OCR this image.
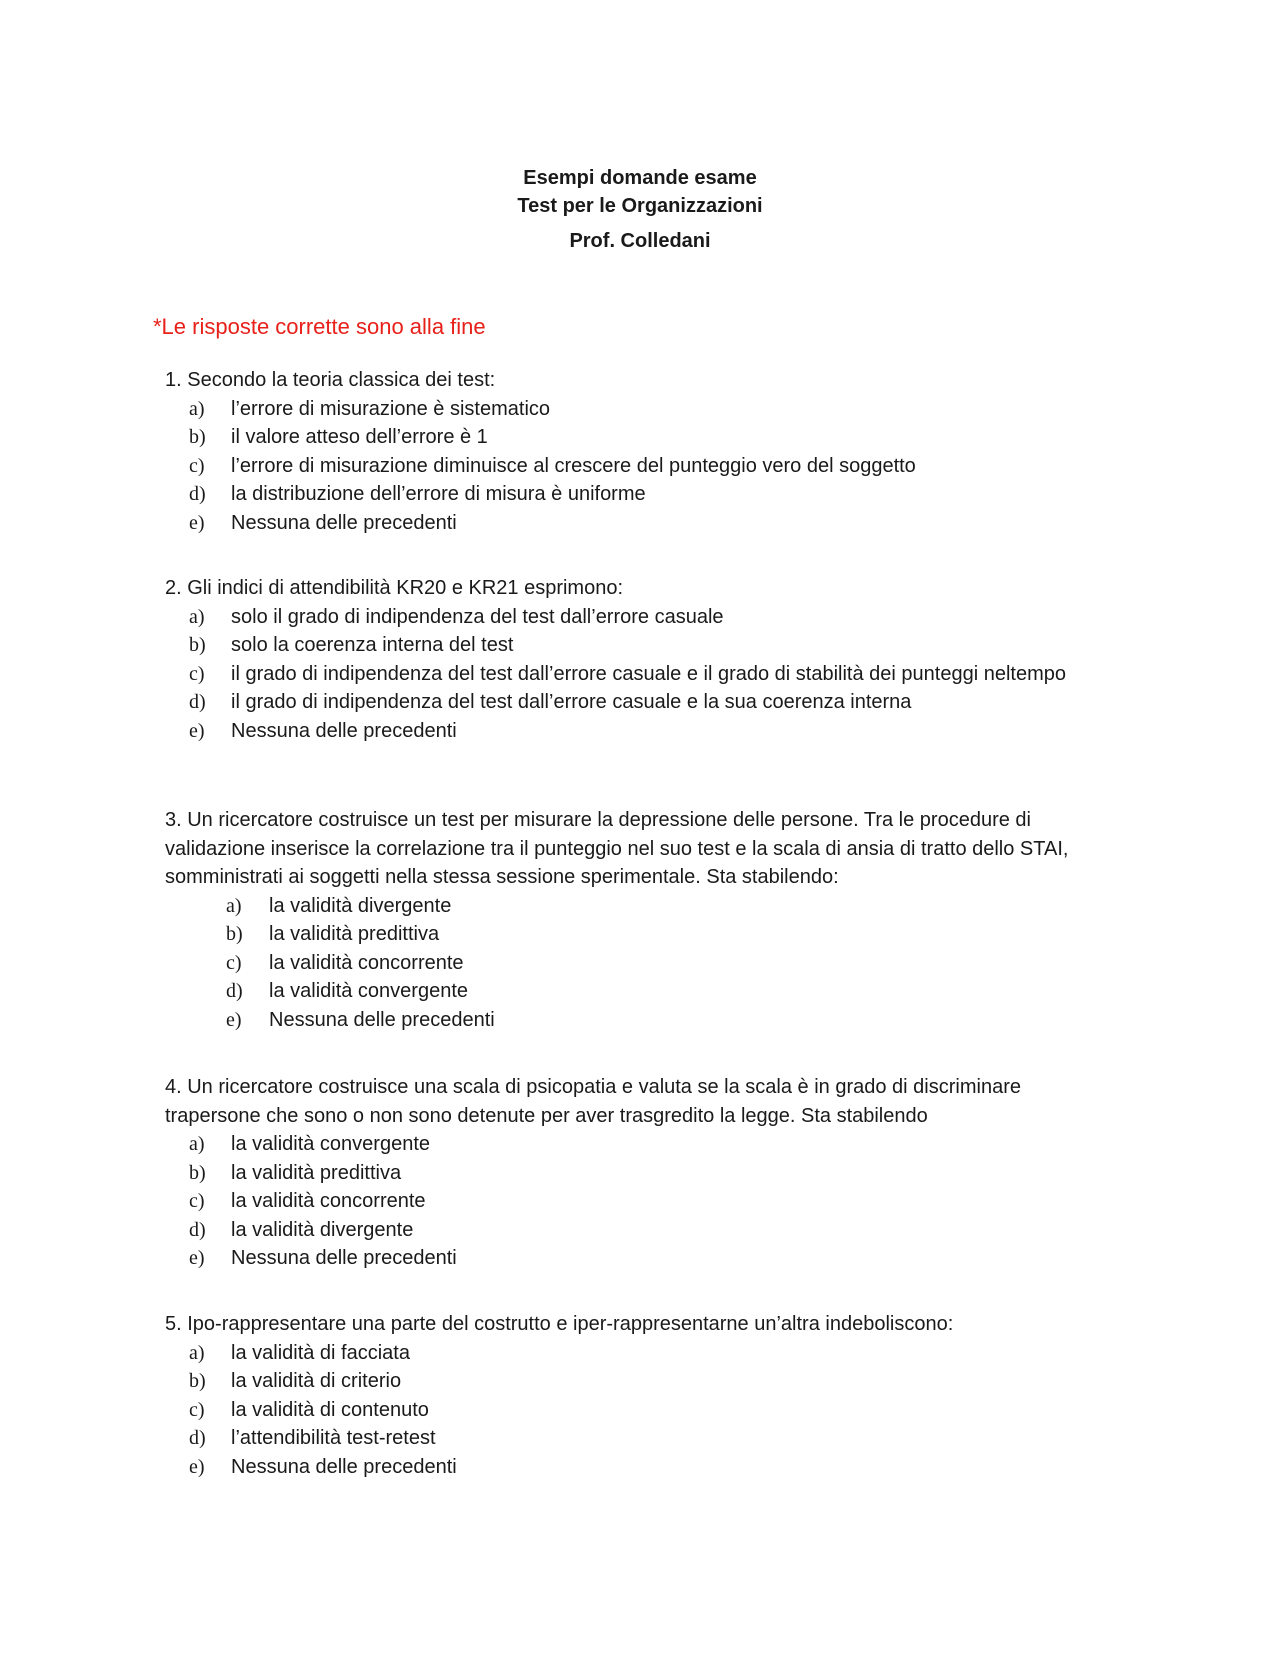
Esempi domande esame
Test per le Organizzazioni
Prof. Colledani
*Le risposte corrette sono alla fine

1. Secondo la teoria classica dei test:

a) l’errore di misurazione è sistematico
b) il valore atteso dell’errore è 1
c) l’errore di misurazione diminuisce al crescere del punteggio vero del soggetto
d) la distribuzione dell’errore di misura è uniforme
e) Nessuna delle precedenti

2. Gli indici di attendibilità KR20 e KR21 esprimono:

a) solo il grado di indipendenza del test dall’errore casuale
b) solo la coerenza interna del test
c) il grado di indipendenza del test dall’errore casuale e il grado di stabilità dei punteggi neltempo
d) il grado di indipendenza del test dall’errore casuale e la sua coerenza interna
e) Nessuna delle precedenti

3. Un ricercatore costruisce un test per misurare la depressione delle persone. Tra le procedure di validazione inserisce la correlazione tra il punteggio nel suo test e la scala di ansia di tratto dello STAI, somministrati ai soggetti nella stessa sessione sperimentale. Sta stabilendo:

a) la validità divergente
b) la validità predittiva
c) la validità concorrente
d) la validità convergente
e) Nessuna delle precedenti

4. Un ricercatore costruisce una scala di psicopatia e valuta se la scala è in grado di discriminare trapersone che sono o non sono detenute per aver trasgredito la legge. Sta stabilendo

a) la validità convergente
b) la validità predittiva
c) la validità concorrente
d) la validità divergente
e) Nessuna delle precedenti

5. Ipo-rappresentare una parte del costrutto e iper-rappresentarne un’altra indeboliscono:

a) la validità di facciata
b) la validità di criterio
c) la validità di contenuto
d) l’attendibilità test-retest
e) Nessuna delle precedenti
